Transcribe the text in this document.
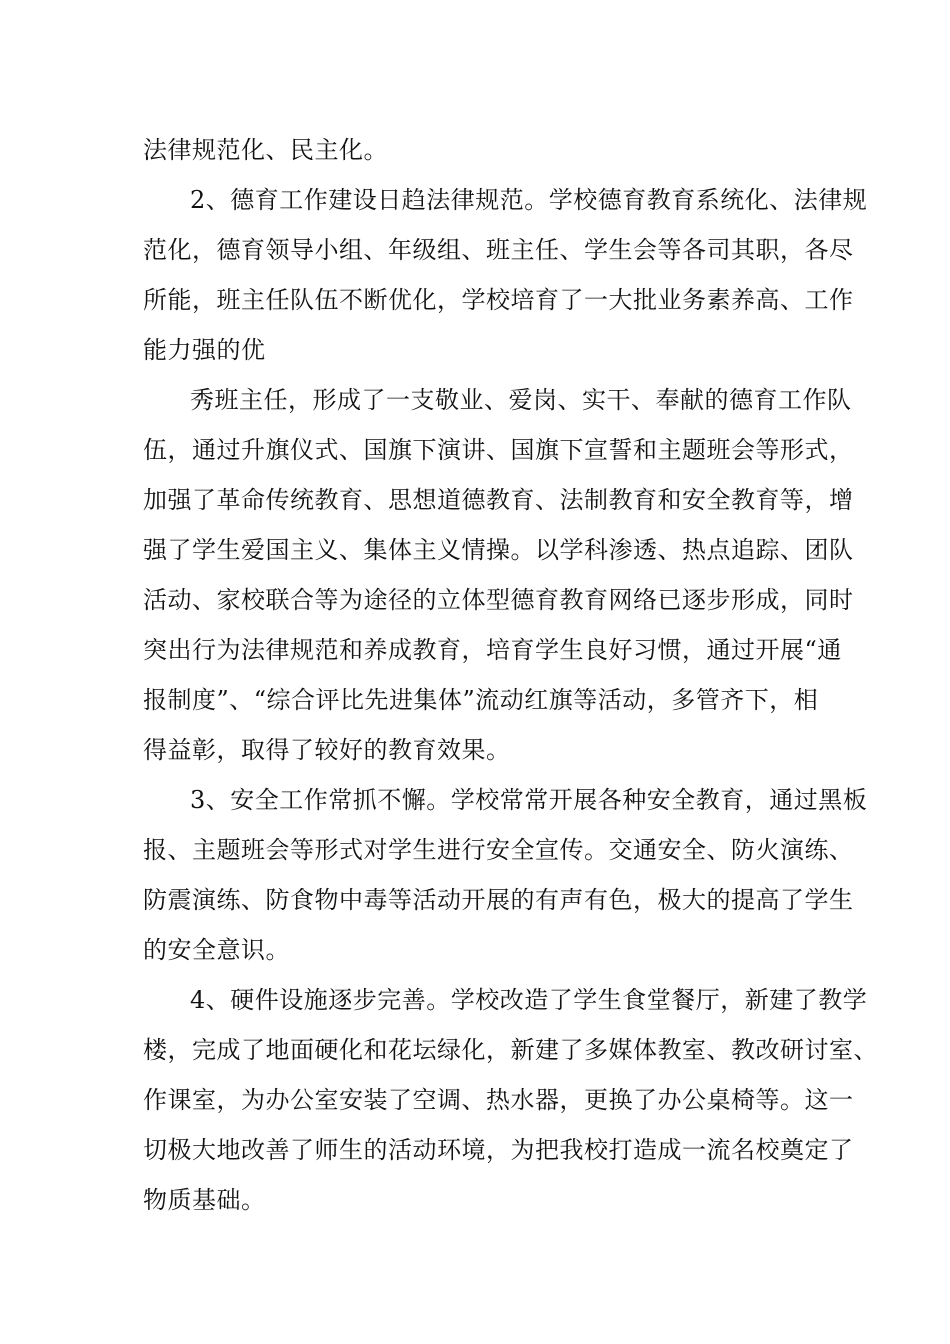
法律规范化、民主化。
2、德育工作建设日趋法律规范。学校德育教育系统化、法律规
范化，德育领导小组、年级组、班主任、学生会等各司其职，各尽
所能，班主任队伍不断优化，学校培育了一大批业务素养高、工作
能力强的优
秀班主任，形成了一支敬业、爱岗、实干、奉献的德育工作队
伍，通过升旗仪式、国旗下演讲、国旗下宣誓和主题班会等形式，
加强了革命传统教育、思想道德教育、法制教育和安全教育等，增
强了学生爱国主义、集体主义情操。以学科渗透、热点追踪、团队
活动、家校联合等为途径的立体型德育教育网络已逐步形成，同时
突出行为法律规范和养成教育，培育学生良好习惯，通过开展“通
报制度”、“综合评比先进集体”流动红旗等活动，多管齐下，相
得益彰，取得了较好的教育效果。
3、安全工作常抓不懈。学校常常开展各种安全教育，通过黑板
报、主题班会等形式对学生进行安全宣传。交通安全、防火演练、
防震演练、防食物中毒等活动开展的有声有色，极大的提高了学生
的安全意识。
4、硬件设施逐步完善。学校改造了学生食堂餐厅，新建了教学
楼，完成了地面硬化和花坛绿化，新建了多媒体教室、教改研讨室、
作课室，为办公室安装了空调、热水器，更换了办公桌椅等。这一
切极大地改善了师生的活动环境，为把我校打造成一流名校奠定了
物质基础。
